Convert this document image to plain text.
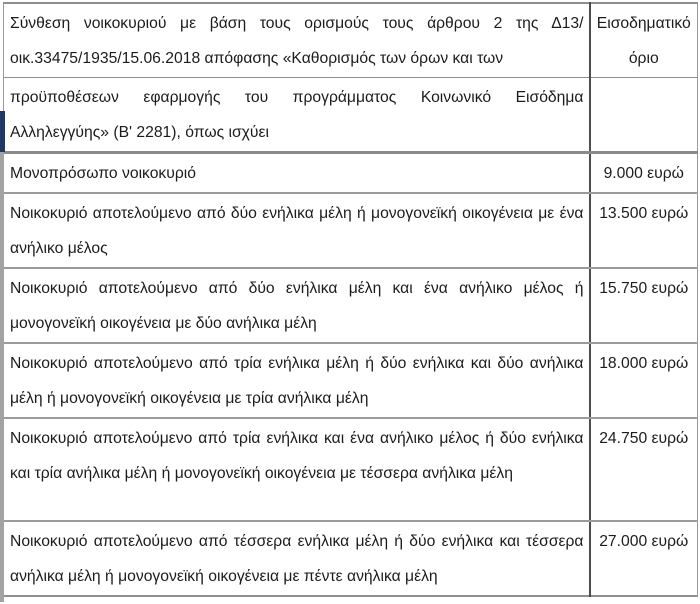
Σύνθεση νοικοκυριού με βάση τους ορισμούς τους άρθρου 2 της Δ13/οικ.33475/1935/15.06.2018 απόφασης «Καθορισμός των όρων και των	Εισοδηματικό όριο
προϋποθέσεων εφαρμογής του προγράμματος Κοινωνικό Εισόδημα Αλληλεγγύης» (Β' 2281), όπως ισχύει	
Μονοπρόσωπο νοικοκυριό	9.000 ευρώ
Νοικοκυριό αποτελούμενο από δύο ενήλικα μέλη ή μονογονεϊκή οικογένεια με ένα ανήλικο μέλος	13.500 ευρώ
Νοικοκυριό αποτελούμενο από δύο ενήλικα μέλη και ένα ανήλικο μέλος ή μονογονεϊκή οικογένεια με δύο ανήλικα μέλη	15.750 ευρώ
Νοικοκυριό αποτελούμενο από τρία ενήλικα μέλη ή δύο ενήλικα και δύο ανήλικα μέλη ή μονογονεϊκή οικογένεια με τρία ανήλικα μέλη	18.000 ευρώ
Νοικοκυριό αποτελούμενο από τρία ενήλικα και ένα ανήλικο μέλος ή δύο ενήλικα και τρία ανήλικα μέλη ή μονογονεϊκή οικογένεια με τέσσερα ανήλικα μέλη	24.750 ευρώ
Νοικοκυριό αποτελούμενο από τέσσερα ενήλικα μέλη ή δύο ενήλικα και τέσσερα ανήλικα μέλη ή μονογονεϊκή οικογένεια με πέντε ανήλικα μέλη	27.000 ευρώ
